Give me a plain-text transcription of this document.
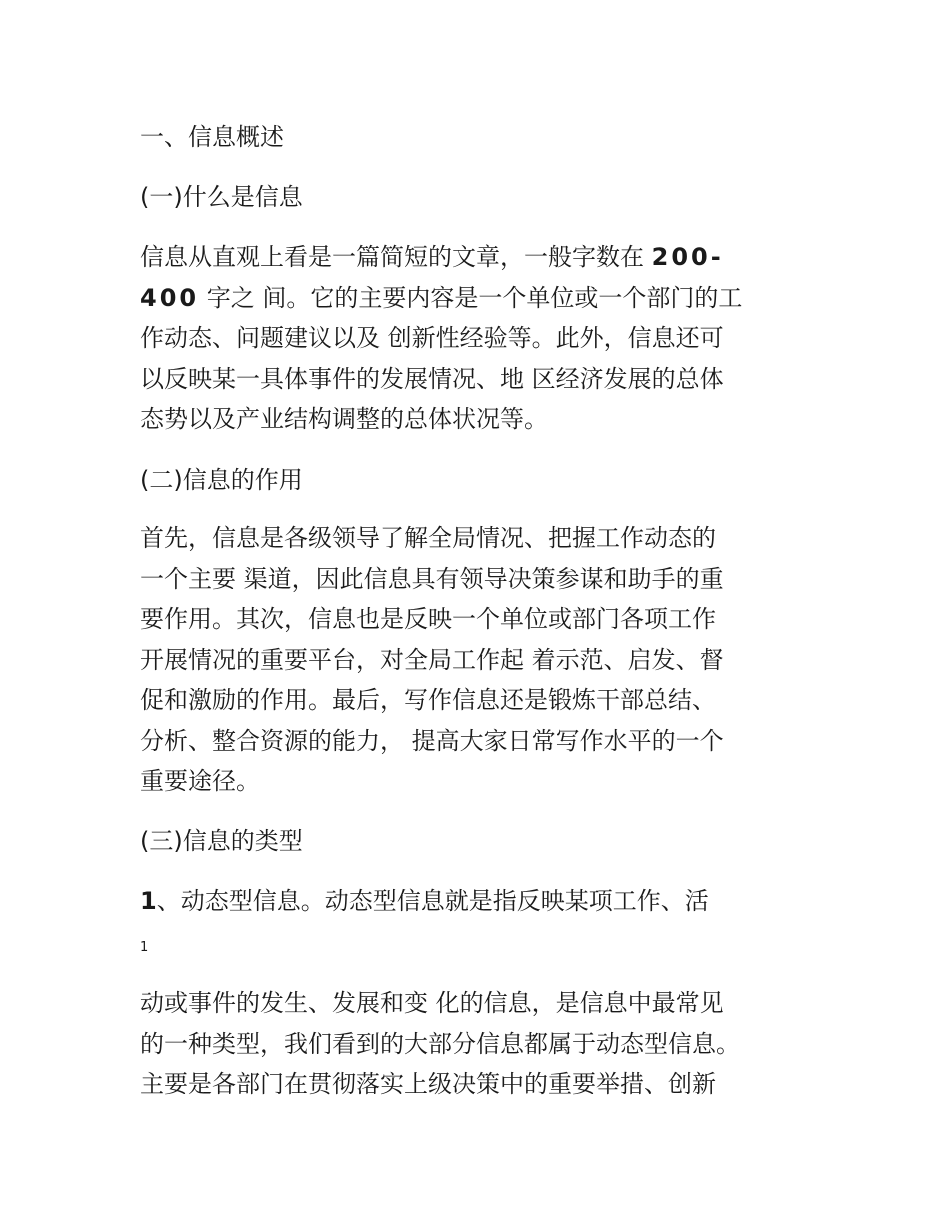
一、信息概述
(一)什么是信息
信息从直观上看是一篇简短的文章，一般字数在 200-
400 字之 间。它的主要内容是一个单位或一个部门的工
作动态、问题建议以及 创新性经验等。此外，信息还可
以反映某一具体事件的发展情况、地 区经济发展的总体
态势以及产业结构调整的总体状况等。
(二)信息的作用
首先，信息是各级领导了解全局情况、把握工作动态的
一个主要 渠道，因此信息具有领导决策参谋和助手的重
要作用。其次，信息也是反映一个单位或部门各项工作
开展情况的重要平台，对全局工作起 着示范、启发、督
促和激励的作用。最后，写作信息还是锻炼干部总结、
分析、整合资源的能力， 提高大家日常写作水平的一个
重要途径。
(三)信息的类型
1、动态型信息。动态型信息就是指反映某项工作、活
1
动或事件的发生、发展和变 化的信息，是信息中最常见
的一种类型，我们看到的大部分信息都属于动态型信息。
主要是各部门在贯彻落实上级决策中的重要举措、创新
